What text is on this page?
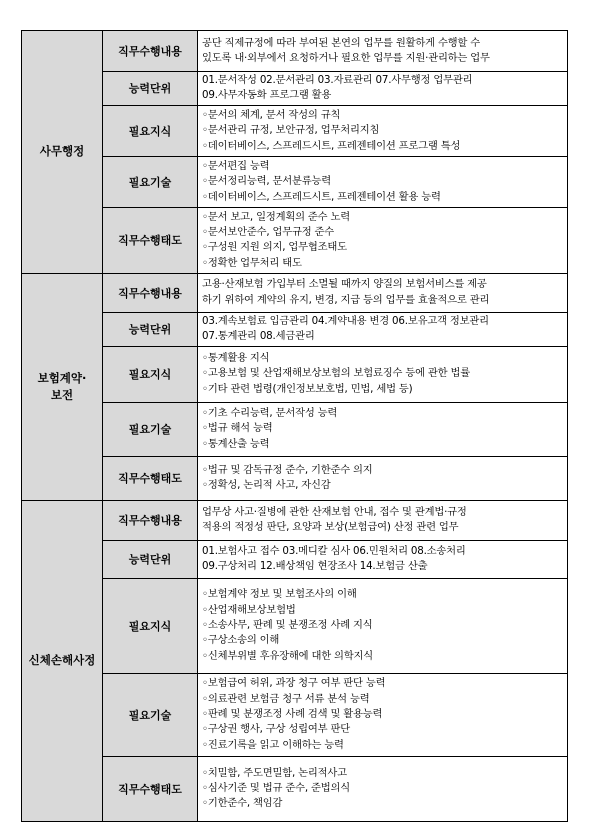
사무행정	직무수행내용	공단 직제규정에 따라 부여된 본연의 업무를 원활하게 수행할 수
있도록 내·외부에서 요청하거나 필요한 업무를 지원·관리하는 업무

	능력단위	01.문서작성 02.문서관리 03.자료관리 07.사무행정 업무관리
09.사무자동화 프로그램 활용

	필요지식	◦문서의 체계, 문서 작성의 규칙
◦문서관리 규정, 보안규정, 업무처리지침
◦데이터베이스, 스프레드시트, 프레젠테이션 프로그램 특성

	필요기술	◦문서편집 능력
◦문서정리능력, 문서분류능력
◦데이터베이스, 스프레드시트, 프레젠테이션 활용 능력

	직무수행태도	◦문서 보고, 일정계획의 준수 노력
◦문서보안준수, 업무규정 준수
◦구성원 지원 의지, 업무협조태도
◦정확한 업무처리 태도

보험계약·
보전	직무수행내용	고용·산재보험 가입부터 소멸될 때까지 양질의 보험서비스를 제공
하기 위하여 계약의 유지, 변경, 지급 등의 업무를 효율적으로 관리

	능력단위	03.계속보험료 입금관리 04.계약내용 변경 06.보유고객 정보관리
07.통계관리 08.세금관리

	필요지식	◦통계활용 지식
◦고용보험 및 산업재해보상보험의 보험료징수 등에 관한 법률
◦기타 관련 법령(개인정보보호법, 민법, 세법 등)

	필요기술	◦기초 수리능력, 문서작성 능력
◦법규 해석 능력
◦통계산출 능력

	직무수행태도	◦법규 및 감독규정 준수, 기한준수 의지
◦정확성, 논리적 사고, 자신감

신체손해사정	직무수행내용	업무상 사고·질병에 관한 산재보험 안내, 접수 및 관계법·규정
적용의 적정성 판단, 요양과 보상(보험급여) 산정 관련 업무

	능력단위	01.보험사고 접수 03.메디칼 심사 06.민원처리 08.소송처리
09.구상처리 12.배상책임 현장조사 14.보험금 산출

	필요지식	◦보험계약 정보 및 보험조사의 이해
◦산업재해보상보험법
◦소송사무, 판례 및 분쟁조정 사례 지식
◦구상소송의 이해
◦신체부위별 후유장해에 대한 의학지식

	필요기술	◦보험급여 허위, 과장 청구 여부 판단 능력
◦의료관련 보험금 청구 서류 분석 능력
◦판례 및 분쟁조정 사례 검색 및 활용능력
◦구상권 행사, 구상 성립여부 판단
◦진료기록을 읽고 이해하는 능력

	직무수행태도	◦치밀함, 주도면밀함, 논리적사고
◦심사기준 및 법규 준수, 준법의식
◦기한준수, 책임감
